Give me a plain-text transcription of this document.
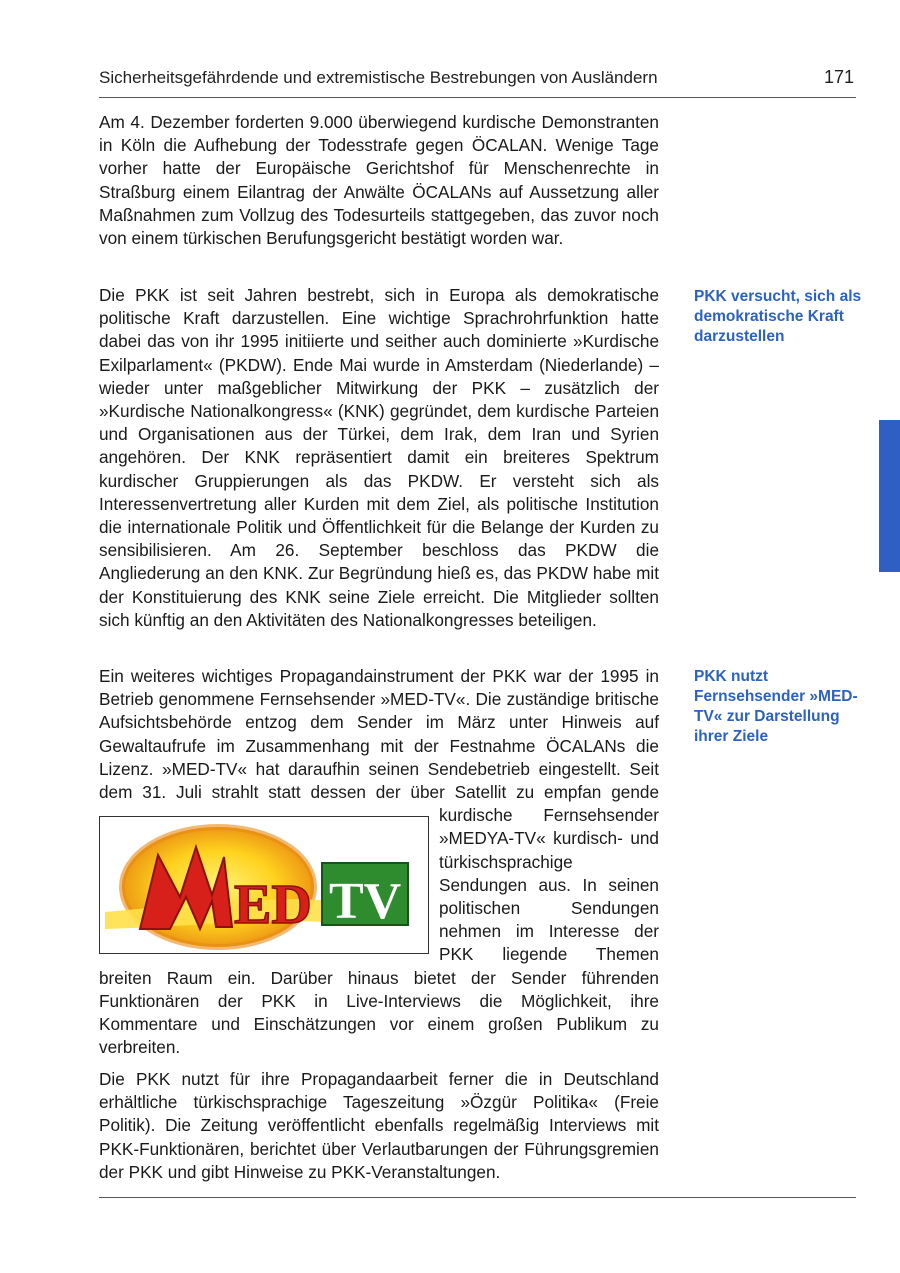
Sicherheitsgefährdende und extremistische Bestrebungen von Ausländern	171

Am 4. Dezember forderten 9.000 überwiegend kurdische Demonstranten in Köln die Aufhebung der Todesstrafe gegen ÖCALAN. Wenige Tage vorher hatte der Europäische Gerichtshof für Menschenrechte in Straßburg einem Eilantrag der Anwälte ÖCALANs auf Aussetzung aller Maßnahmen zum Vollzug des Todesurteils stattgegeben, das zuvor noch von einem türkischen Berufungsgericht bestätigt worden war.

Die PKK ist seit Jahren bestrebt, sich in Europa als demokratische politische Kraft darzustellen. Eine wichtige Sprachrohrfunktion hatte dabei das von ihr 1995 initiierte und seither auch dominierte »Kurdische Exilparlament« (PKDW). Ende Mai wurde in Amsterdam (Niederlande) – wieder unter maßgeblicher Mitwirkung der PKK – zusätzlich der »Kurdische Nationalkongress« (KNK) gegründet, dem kurdische Parteien und Organisationen aus der Türkei, dem Irak, dem Iran und Syrien angehören. Der KNK repräsentiert damit ein breiteres Spektrum kurdischer Gruppierungen als das PKDW. Er versteht sich als Interessenvertretung aller Kurden mit dem Ziel, als politische Institution die internationale Politik und Öffentlichkeit für die Belange der Kurden zu sensibilisieren. Am 26. September beschloss das PKDW die Angliederung an den KNK. Zur Begründung hieß es, das PKDW habe mit der Konstituierung des KNK seine Ziele erreicht. Die Mitglieder sollten sich künftig an den Aktivitäten des Nationalkongresses beteiligen.

Ein weiteres wichtiges Propagandainstrument der PKK war der 1995 in Betrieb genommene Fernsehsender »MED-TV«. Die zuständige britische Aufsichtsbehörde entzog dem Sender im März unter Hinweis auf Gewaltaufrufe im Zusammenhang mit der Festnahme ÖCALANs die Lizenz. »MED-TV« hat daraufhin seinen Sendebetrieb eingestellt. Seit dem 31. Juli strahlt statt dessen der über Satellit zu empfan
ED TV
gende kurdische Fernsehsender »MEDYA-TV« kurdisch- und türkischsprachige Sendungen aus. In seinen politischen Sendungen nehmen im Interesse der PKK liegende Themen breiten Raum ein. Darüber hinaus bietet der Sender führenden Funktionären der PKK in Live-Interviews die Möglichkeit, ihre Kommentare und Einschätzungen vor einem großen Publikum zu verbreiten.

Die PKK nutzt für ihre Propagandaarbeit ferner die in Deutschland erhältliche türkischsprachige Tageszeitung »Özgür Politika« (Freie Politik). Die Zeitung veröffentlicht ebenfalls regelmäßig Interviews mit PKK-Funktionären, berichtet über Verlautbarungen der Führungsgremien der PKK und gibt Hinweise zu PKK-Veranstaltungen.

PKK versucht, sich als demokratische Kraft darzustellen

PKK nutzt Fernsehsender »MED-TV« zur Darstellung ihrer Ziele
